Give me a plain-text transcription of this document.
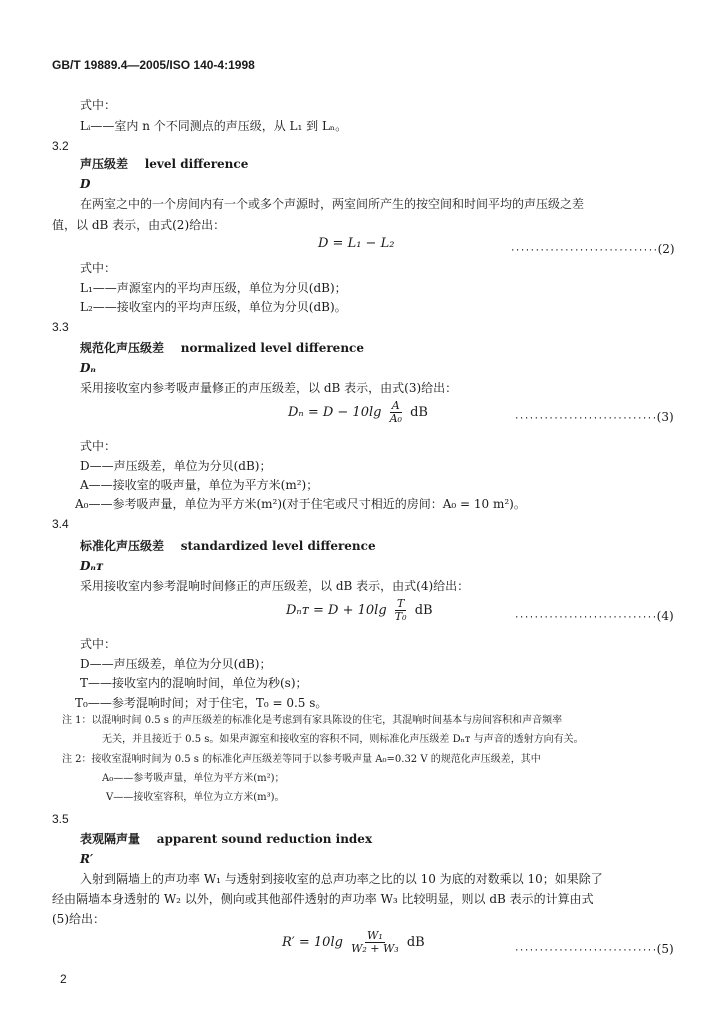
GB/T 19889.4—2005/ISO 140-4:1998
式中：
Lᵢ——室内 n 个不同测点的声压级，从 L₁ 到 Lₙ。
3.2
声压级差 level difference
D
在两室之中的一个房间内有一个或多个声源时，两室间所产生的按空间和时间平均的声压级之差
值，以 dB 表示，由式(2)给出：
D = L₁ − L₂	······························(2)
式中：
L₁——声源室内的平均声压级，单位为分贝(dB)；
L₂——接收室内的平均声压级，单位为分贝(dB)。
3.3
规范化声压级差 normalized level difference
Dₙ
采用接收室内参考吸声量修正的声压级差，以 dB 表示，由式(3)给出：
$D_n = D - 10\lg \frac{A}{\text{A₀}}$ dB	·····························(3)
式中：
D——声压级差，单位为分贝(dB)；
A——接收室的吸声量，单位为平方米(m²)；
A₀——参考吸声量，单位为平方米(m²)(对于住宅或尺寸相近的房间：A₀ = 10 m²)。
3.4
标准化声压级差 standardized level difference
Dₙᴛ
采用接收室内参考混响时间修正的声压级差，以 dB 表示，由式(4)给出：
Dₙᴛ = $D + 10\lg \frac{T}{\text{T₀}}$ dB	·····························(4)
式中：
D——声压级差，单位为分贝(dB)；
T——接收室内的混响时间，单位为秒(s)；
T₀——参考混响时间；对于住宅，T₀ = 0.5 s。
注 1：以混响时间 0.5 s 的声压级差的标准化是考虑到有家具陈设的住宅，其混响时间基本与房间容积和声音频率
无关，并且接近于 0.5 s。如果声源室和接收室的容积不同，则标准化声压级差 Dₙᴛ 与声音的透射方向有关。
注 2：接收室混响时间为 0.5 s 的标准化声压级差等同于以参考吸声量 A₀=0.32 V 的规范化声压级差，其中
A₀——参考吸声量，单位为平方米(m²)；
V——接收室容积，单位为立方米(m³)。
3.5
表观隔声量 apparent sound reduction index
R′
入射到隔墙上的声功率 W₁ 与透射到接收室的总声功率之比的以 10 为底的对数乘以 10；如果除了
经由隔墙本身透射的 W₂ 以外，侧向或其他部件透射的声功率 W₃ 比较明显，则以 dB 表示的计算由式
(5)给出：
$R' = 10\lg \frac{\text{W₁}}{\text{W₂ + W₃}}$ dB
·····························(5)
2
